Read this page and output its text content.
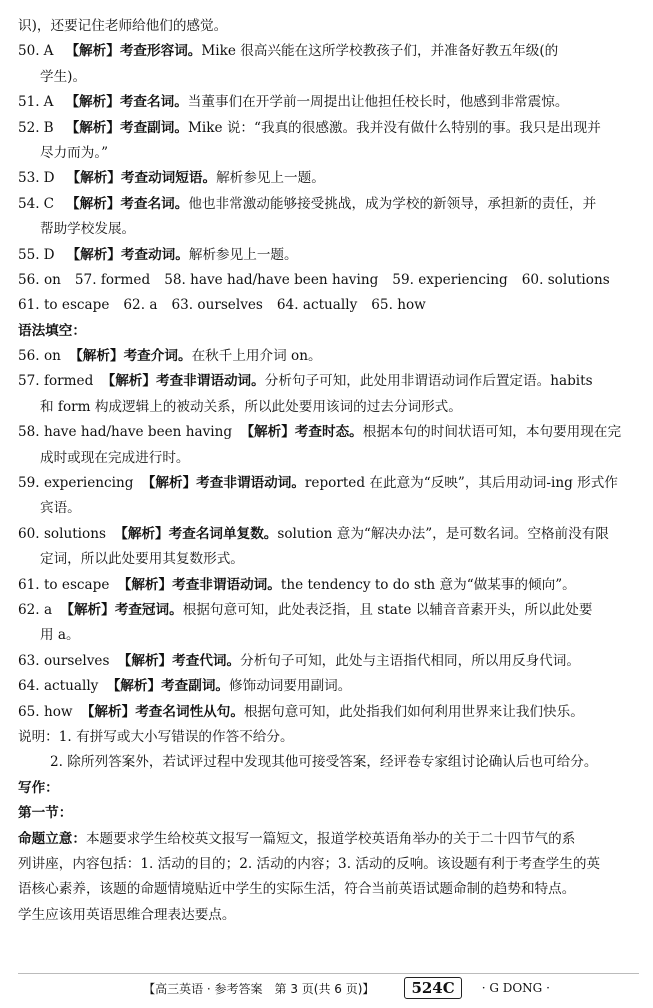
识)，还要记住老师给他们的感觉。
50. A 【解析】考查形容词。Mike 很高兴能在这所学校教孩子们，并准备好教五年级(的
学生)。
51. A 【解析】考查名词。当董事们在开学前一周提出让他担任校长时，他感到非常震惊。
52. B 【解析】考查副词。Mike 说：“我真的很感激。我并没有做什么特别的事。我只是出现并
尽力而为。”
53. D 【解析】考查动词短语。解析参见上一题。
54. C 【解析】考查名词。他也非常激动能够接受挑战，成为学校的新领导，承担新的责任，并
帮助学校发展。
55. D 【解析】考查动词。解析参见上一题。
56. on 57. formed 58. have had/have been having 59. experiencing 60. solutions
61. to escape 62. a 63. ourselves 64. actually 65. how
语法填空：
56. on 【解析】考查介词。在秋千上用介词 on。
57. formed 【解析】考查非谓语动词。分析句子可知，此处用非谓语动词作后置定语。habits
和 form 构成逻辑上的被动关系，所以此处要用该词的过去分词形式。
58. have had/have been having 【解析】考查时态。根据本句的时间状语可知，本句要用现在完
成时或现在完成进行时。
59. experiencing 【解析】考查非谓语动词。reported 在此意为“反映”，其后用动词-ing 形式作
宾语。
60. solutions 【解析】考查名词单复数。solution 意为“解决办法”，是可数名词。空格前没有限
定词，所以此处要用其复数形式。
61. to escape 【解析】考查非谓语动词。the tendency to do sth 意为“做某事的倾向”。
62. a 【解析】考查冠词。根据句意可知，此处表泛指，且 state 以辅音音素开头，所以此处要
用 a。
63. ourselves 【解析】考查代词。分析句子可知，此处与主语指代相同，所以用反身代词。
64. actually 【解析】考查副词。修饰动词要用副词。
65. how 【解析】考查名词性从句。根据句意可知，此处指我们如何利用世界来让我们快乐。
说明：1. 有拼写或大小写错误的作答不给分。
2. 除所列答案外，若试评过程中发现其他可接受答案，经评卷专家组讨论确认后也可给分。
写作：
第一节：
命题立意：本题要求学生给校英文报写一篇短文，报道学校英语角举办的关于二十四节气的系
列讲座，内容包括：1. 活动的目的；2. 活动的内容；3. 活动的反响。该设题有利于考查学生的英
语核心素养，该题的命题情境贴近中学生的实际生活，符合当前英语试题命制的趋势和特点。
学生应该用英语思维合理表达要点。
【高三英语 · 参考答案　第 3 页(共 6 页)】	524C	· G DONG ·
